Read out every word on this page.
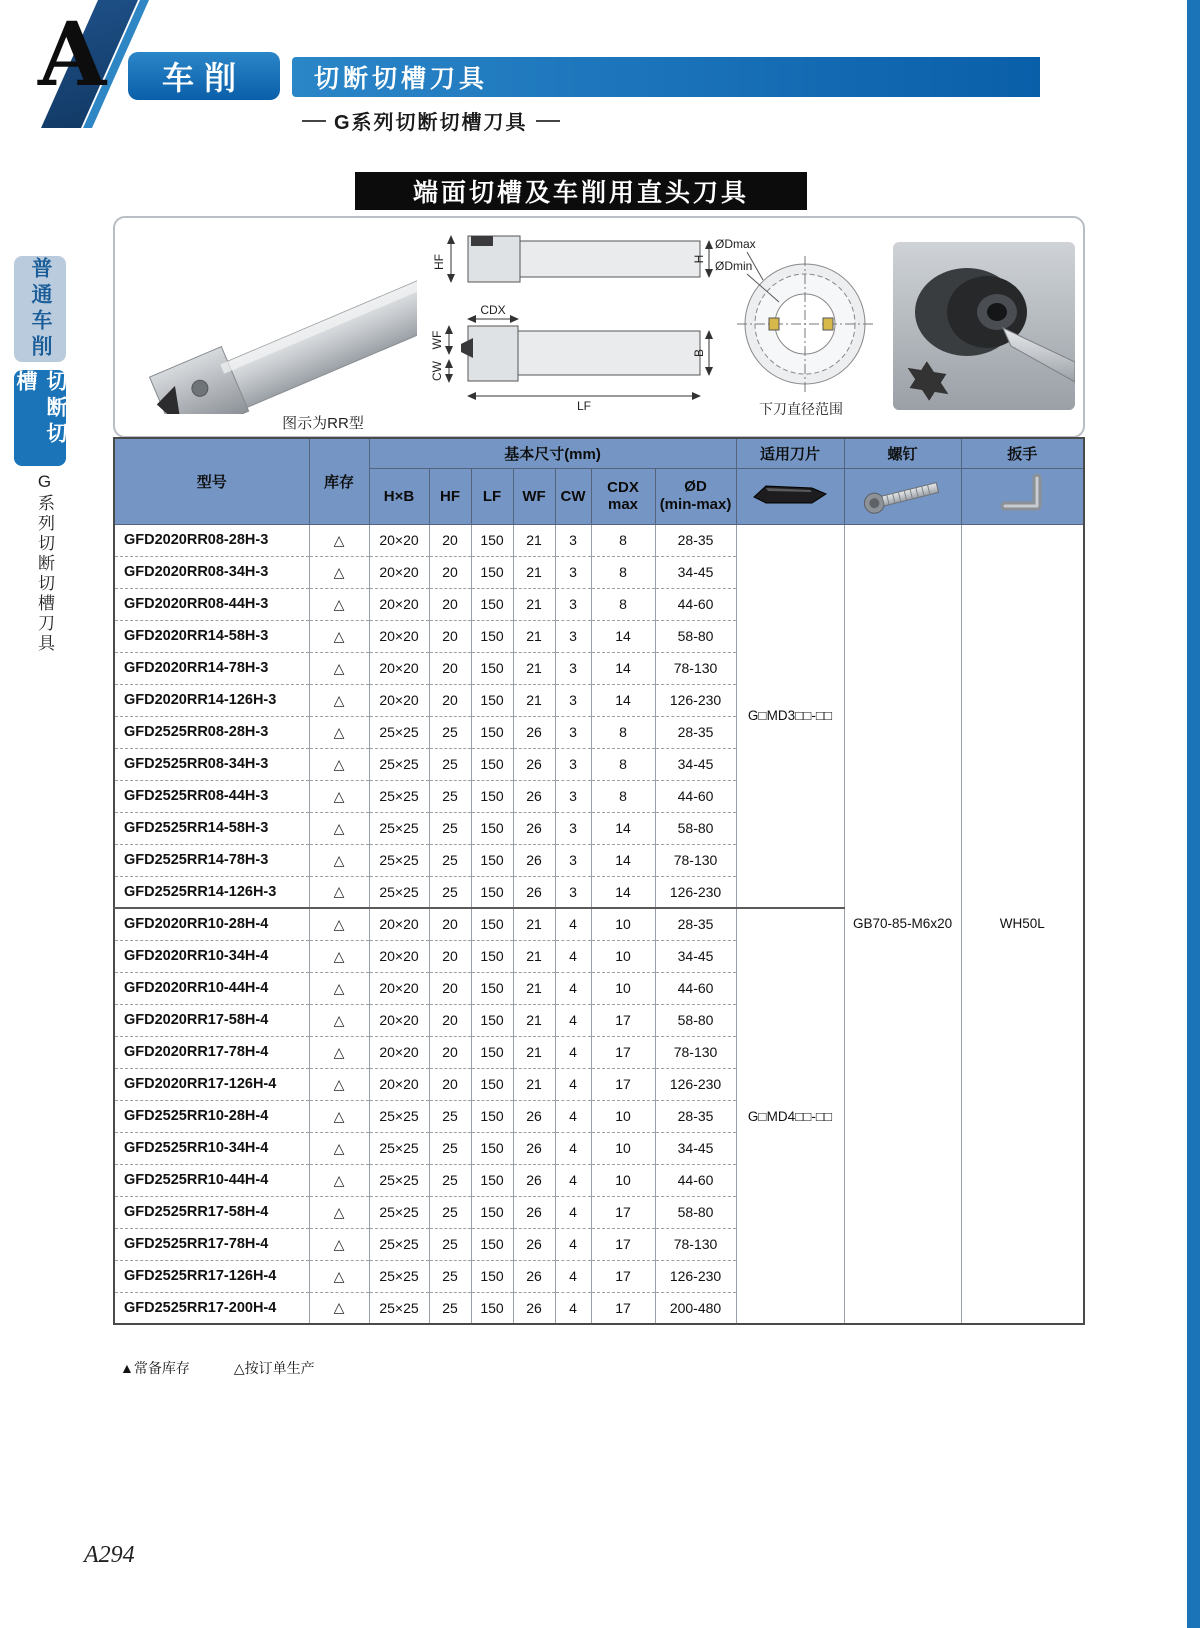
A	车削	切断切槽刀具
G系列切断切槽刀具
端面切槽及车削用直头刀具
普通车削
切断切槽
G系列切断切槽刀具
图示为RR型
HF	H
CDX
WF
CW
LF
B
ØDmax
ØDmin
下刀直径范围
型号	库存	基本尺寸(mm)							适用刀片	螺钉	扳手
		H×B	HF	LF	WF	CW	CDX max	ØD
(min-max)

GFD2020RR08-28H-3	△	20×20	20	150	21	3	8	28-35	G□MD3□□-□□	GB70-85-M6x20	WH50L
GFD2020RR08-34H-3	△	20×20	20	150	21	3	8	34-45			
GFD2020RR08-44H-3	△	20×20	20	150	21	3	8	44-60			
GFD2020RR14-58H-3	△	20×20	20	150	21	3	14	58-80			
GFD2020RR14-78H-3	△	20×20	20	150	21	3	14	78-130			
GFD2020RR14-126H-3	△	20×20	20	150	21	3	14	126-230			
GFD2525RR08-28H-3	△	25×25	25	150	26	3	8	28-35			
GFD2525RR08-34H-3	△	25×25	25	150	26	3	8	34-45			
GFD2525RR08-44H-3	△	25×25	25	150	26	3	8	44-60			
GFD2525RR14-58H-3	△	25×25	25	150	26	3	14	58-80			
GFD2525RR14-78H-3	△	25×25	25	150	26	3	14	78-130			
GFD2525RR14-126H-3	△	25×25	25	150	26	3	14	126-230			
GFD2020RR10-28H-4	△	20×20	20	150	21	4	10	28-35	G□MD4□□-□□		
GFD2020RR10-34H-4	△	20×20	20	150	21	4	10	34-45			
GFD2020RR10-44H-4	△	20×20	20	150	21	4	10	44-60			
GFD2020RR17-58H-4	△	20×20	20	150	21	4	17	58-80			
GFD2020RR17-78H-4	△	20×20	20	150	21	4	17	78-130			
GFD2020RR17-126H-4	△	20×20	20	150	21	4	17	126-230			
GFD2525RR10-28H-4	△	25×25	25	150	26	4	10	28-35			
GFD2525RR10-34H-4	△	25×25	25	150	26	4	10	34-45			
GFD2525RR10-44H-4	△	25×25	25	150	26	4	10	44-60			
GFD2525RR17-58H-4	△	25×25	25	150	26	4	17	58-80			
GFD2525RR17-78H-4	△	25×25	25	150	26	4	17	78-130			
GFD2525RR17-126H-4	△	25×25	25	150	26	4	17	126-230			
GFD2525RR17-200H-4	△	25×25	25	150	26	4	17	200-480			
▲常备库存	△按订单生产
A294
